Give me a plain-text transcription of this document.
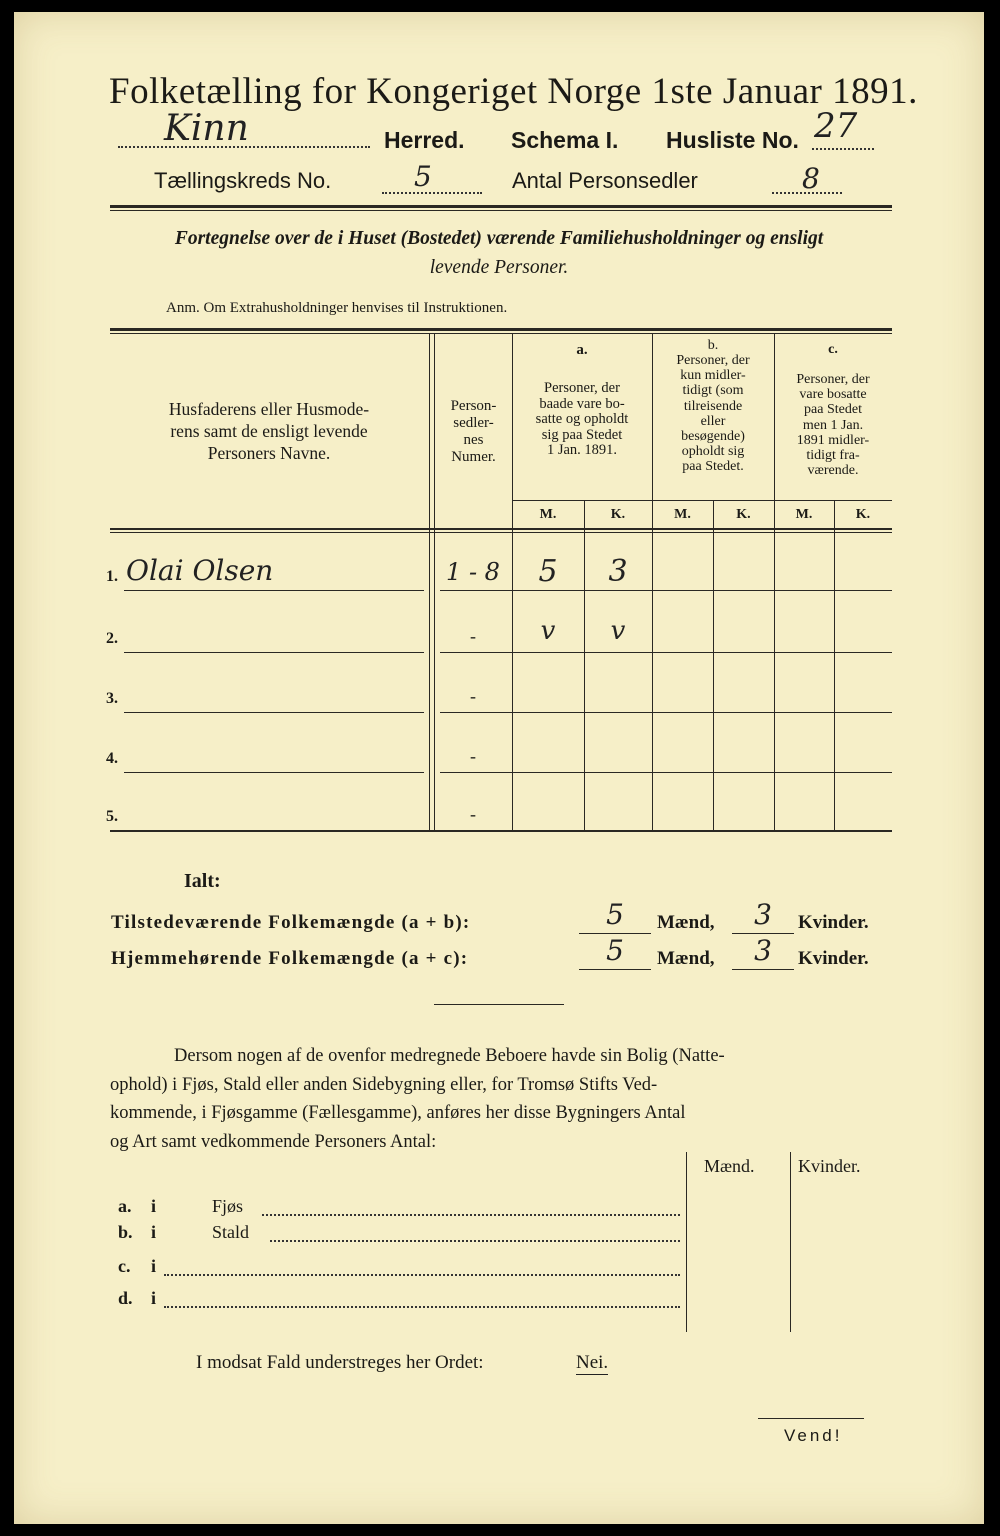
Folketælling for Kongeriget Norge 1ste Januar 1891.
Kinn	Herred. Schema I. Husliste No. 27
Tællingskreds No.	5	Antal Personsedler	8
Fortegnelse over de i Huset (Bostedet) værende Familiehusholdninger og ensligt
levende Personer.
Anm. Om Extrahusholdninger henvises til Instruktionen.
Husfaderens eller Husmode-
rens samt de ensligt levende
Personers Navne.
Person-
sedler-
nes
Numer.
a.
Personer, der
baade vare bo-
satte og opholdt
sig paa Stedet
1 Jan. 1891.
b.
Personer, der
kun midler-
tidigt (som
tilreisende
eller
besøgende)
opholdt sig
paa Stedet.
c.
Personer, der
vare bosatte
paa Stedet
men 1 Jan.
1891 midler-
tidigt fra-
værende.
M.	K.	M.	K.	M.	K.
1. Olai Olsen	1 - 8	5	3
2.	-	v	v
3.	-
4.	-
5.	-
Ialt:
Tilstedeværende Folkemængde (a + b):	5	Mænd,	3	Kvinder.
Hjemmehørende Folkemængde (a + c):	5	Mænd,	3	Kvinder.
Dersom nogen af de ovenfor medregnede Beboere havde sin Bolig (Natte-
ophold) i Fjøs, Stald eller anden Sidebygning eller, for Tromsø Stifts Ved-
kommende, i Fjøsgamme (Fællesgamme), anføres her disse Bygningers Antal
og Art samt vedkommende Personers Antal:
Mænd. Kvinder.
a. i	Fjøs
b. i	Stald
c. i
d. i
I modsat Fald understreges her Ordet:	Nei.
Vend!
